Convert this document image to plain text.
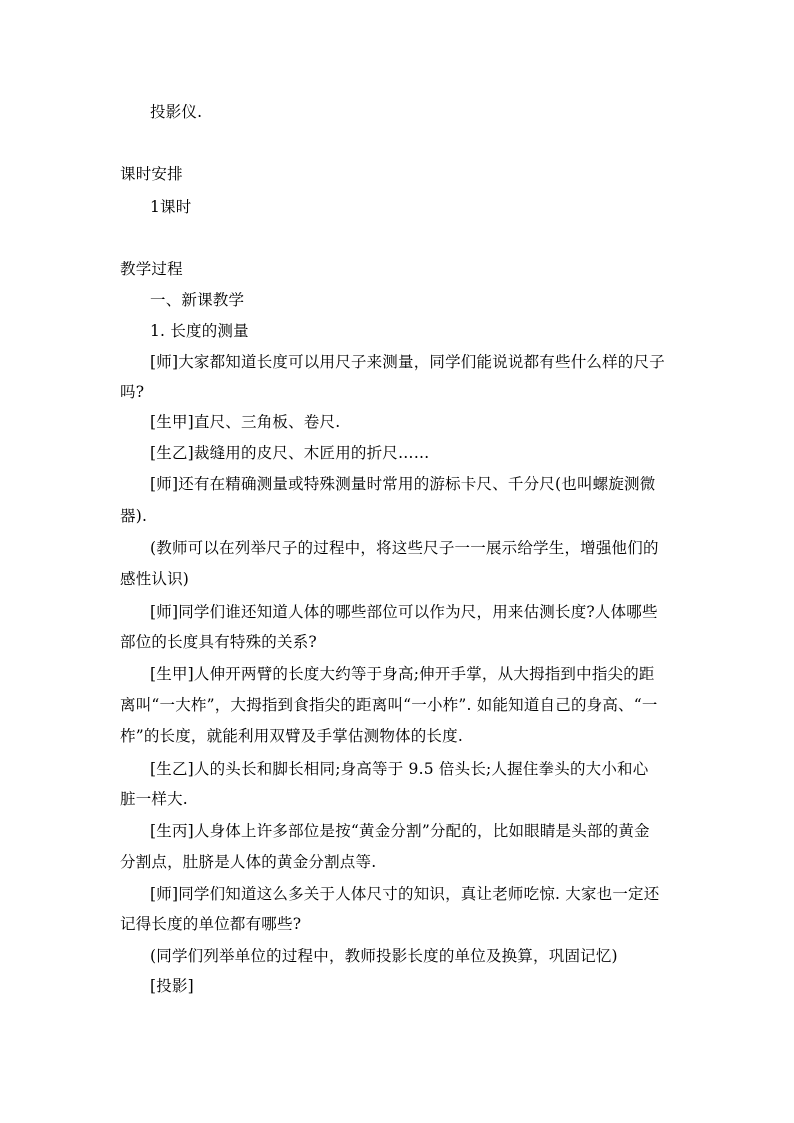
投影仪.
课时安排
1课时
教学过程
一、新课教学
1. 长度的测量
[师]大家都知道长度可以用尺子来测量，同学们能说说都有些什么样的尺子
吗?
[生甲]直尺、三角板、卷尺.
[生乙]裁缝用的皮尺、木匠用的折尺……
[师]还有在精确测量或特殊测量时常用的游标卡尺、千分尺(也叫螺旋测微
器).
(教师可以在列举尺子的过程中，将这些尺子一一展示给学生，增强他们的
感性认识)
[师]同学们谁还知道人体的哪些部位可以作为尺，用来估测长度?人体哪些
部位的长度具有特殊的关系?
[生甲]人伸开两臂的长度大约等于身高;伸开手掌，从大拇指到中指尖的距
离叫“一大柞”，大拇指到食指尖的距离叫“一小柞”. 如能知道自己的身高、“一
柞”的长度，就能利用双臂及手掌估测物体的长度.
[生乙]人的头长和脚长相同;身高等于 9.5 倍头长;人握住拳头的大小和心
脏一样大.
[生丙]人身体上许多部位是按“黄金分割”分配的，比如眼睛是头部的黄金
分割点，肚脐是人体的黄金分割点等.
[师]同学们知道这么多关于人体尺寸的知识，真让老师吃惊. 大家也一定还
记得长度的单位都有哪些?
(同学们列举单位的过程中，教师投影长度的单位及换算，巩固记忆)
[投影]
